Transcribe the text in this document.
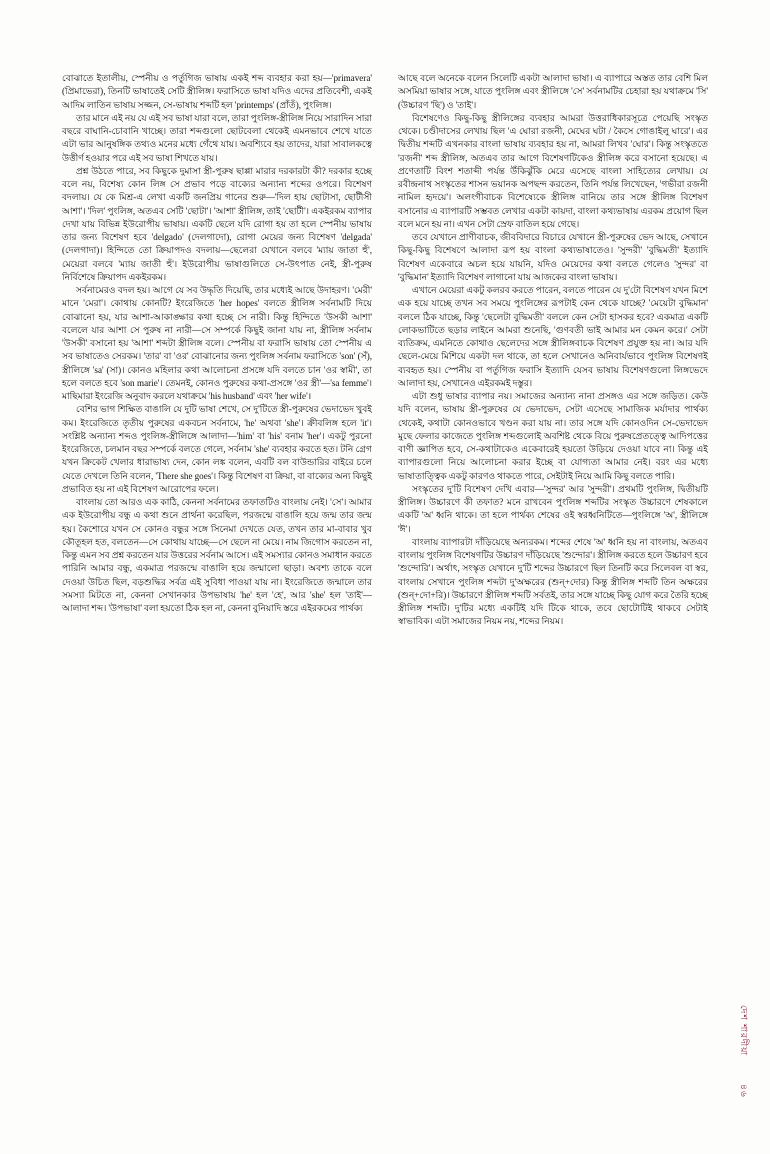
বোঝাতে ইতালীয়, স্পেনীয় ও পর্তুগিজ ভাষায় একই শব্দ ব্যবহার করা হয়—'primavera' (প্রিমাভেরা), তিনটি ভাষাতেই সেটি স্ত্রীলিঙ্গ। ফরাসিতে ভাষা যদিও এদের প্রতিবেশী, একই আদিম লাতিন ভাষায় সজ্জন, সে-ভাষায় শব্দটি হল 'printemps' (প্রাঁতঁ), পুংলিঙ্গ।

তার মানে এই নয় যে এই সব ভাষা যারা বলে, তারা পুংলিঙ্গ-স্ত্রীলিঙ্গ নিয়ে সারাদিন সারা বছরে বাঘানি-চোবানি খাচ্ছে। তারা শব্দগুলো ছোটবেলা থেকেই এমনভাবে শেখে যাতে এটা ভার আনুষঙ্গিক তথ্যও মনের মধ্যে গেঁথে যায়। অবশ্যিবে হয় তাদের, যারা সাবালকত্বে উত্তীর্ণ হওয়ার পরে এই সব ভাষা শিখতে যায়।

প্রশ্ন উঠতে পারে, সব কিছুকে দুমাসা স্ত্রী-পুরুষ ছাপ্পা মারার দরকারটা কী? দরকার হচ্ছে বলে নয়, বিশেষ্য কোন লিঙ্গ সে প্রভাব পড়ে বাক্যের অন্যান্য শব্দের ওপরে। বিশেষণ বদলায়। যে কে মিশ্র-এ লেখা একটি জনপ্রিয় গানের শুরু—'দিল হায় ছোটাসা, ছোটীসী আশা'। 'দিল' পুংলিঙ্গ, অতএব সেটি 'ছোটা'। 'আশা' স্ত্রীলিঙ্গ, তাই 'ছোটী'। একইরকম ব্যাপার দেখা যায় বিভিন্ন ইউরোপীয় ভাষায়। একটি ছেলে যদি রোগা হয় তা হলে স্পেনীয় ভাষায় তার জন্য বিশেষণ হবে 'delgado' (দেলগাদো), রোগা মেয়ের জন্য বিশেষণ 'delgada' (দেলগাদা)। হিন্দিতে তো ক্রিয়াপদও বদলায়—ছেলেরা যেখানে বলবে 'ম্যায় জাতা হুঁ', মেয়েরা বলবে 'ম্যায় জাতী হুঁ'। ইউরোপীয় ভাষাগুলিতে সে-উৎপাত নেই, স্ত্রী-পুরুষ নির্বিশেষে ক্রিয়াপদ একইরকম।

সর্বনামেরও বদল হয়। আগে যে সব উদ্ধৃতি দিয়েছি, তার মধ্যেই আছে উদাহরণ। 'মেরী' মানে 'মেরা'। কোথায় কোনটি? ইংরেজিতে 'her hopes' বলতে স্ত্রীলিঙ্গ সর্বনামটি দিয়ে বোঝানো হয়, যার আশা-আকাঙ্ক্ষার কথা হচ্ছে সে নারী। কিন্তু হিন্দিতে 'উসকী আশা' বলেলে যার আশা সে পুরুষ না নারী—সে সম্পর্কে কিছুই জানা যায় না, স্ত্রীলিঙ্গ সর্বনাম 'উসকী' বসানো হয় 'আশা' শব্দটা স্ত্রীলিঙ্গ বলে। স্পেনীয় বা ফরাসি ভাষায় তো স্পেনীয় এ সব ভাষাতেও সেরকম। 'তার' বা 'ওর' বোঝানোর জন্য পুংলিঙ্গ সর্বনাম ফরাসিতে 'son' (সঁ), স্ত্রীলিঙ্গে 'sa' (সা)। কোনও মহিলার কথা আলোচনা প্রসঙ্গে যদি বলতে চান 'ওর স্বামী', তা হলে বলতে হবে 'son marie'। তেমনই, কোনও পুরুষের কথা-প্রসঙ্গে 'ওর স্ত্রী'—'sa femme'। মাছিমারা ইংরেজি অনুবাদ করলে যথাক্রমে 'his husband' এবং 'her wife'।

বেশির ভাগ শিক্ষিত বাঙালি যে দুটি ভাষা শেখে, সে দু'টিতে স্ত্রী-পুরুষের ভেদাভেদ খুবই কম। ইংরেজিতে তৃতীয় পুরুষের একবচন সর্বনামে, 'he' অথবা 'she'। ক্রীবলিঙ্গ হলে 'it'। সংশ্লিষ্ট অন্যান্য শব্দও পুংলিঙ্গ-স্ত্রীলিঙ্গে আলাদা—'him' বা 'his' বনাম 'her'। একটু পুরনো ইংরেজিতে, চলমান বছর সম্পর্কে বলতে গেলে, সর্বনাম 'she' ব্যবহার করতে হত। টনি গ্রেগ যখন ক্রিকেট খেলার ধারাভাষ্য দেন, কোন লঙ্ক বলেন, এবটি বল বাউন্ডারির বাইরে চলে যেতে দেখলে তিনি বলেন, 'There she goes'। কিন্তু বিশেষণ বা ক্রিয়া, বা বাক্যের অন্য কিছুই প্রভাবিত হয় না এই বিশেষণ আরোপের ফলে।

বাংলায় তো আরও এক কাঠি, কেননা সর্বনামের তফাতটিও বাংলায় নেই। 'সে'। আমার এক ইউরোপীয় বন্ধু এ কথা শুনে প্রার্থনা করেছিল, পরজন্মে বাঙালি হয়ে জন্ম তার জন্ম হয়। কৈশোরে যখন সে কোনও বন্ধুর সঙ্গে সিনেমা দেখতে যেত, তখন তার মা-বাবার খুব কৌতূহল হত, বলতেন—সে কোথায় যাচ্ছে—সে ছেলে না মেয়ে। নাম জিগোস করতেন না, কিন্তু এমন সব প্রশ্ন করতেন যার উত্তরের সর্বনাম আসে। এই সমস্যার কোনও সমাধান করতে পারিনি আমার বন্ধু, একমাত্র পরজন্মে বাঙালি হয়ে জন্মালো ছাড়া। অবশ্য তাকে বলে দেওয়া উচিত ছিল, বড়শুদ্ধির সর্বত্র এই সুবিধা পাওয়া যায় না। ইংরেজিতে জন্মালে তার সমস্যা মিটতে না, কেননা সেখানকার উপভাষায় 'he' হল 'হে', আর 'she' হল 'তাই'—আলাদা শব্দ। 'উপভাষা' বলা হয়তো ঠিক হল না, কেননা বুনিয়াদি স্তরে এইরকমের পার্থক্য

আছে বলে অনেকে বলেন সিলেটি একটা আলাদা ভাষা। এ ব্যাপারে অস্তত তার বেশি মিল অসমিয়া ভাষার সঙ্গে, যাতে পুংলিঙ্গ এবং স্ত্রীলিঙ্গে 'সে' সর্বনামটির চেহারা হয় যথাক্রমে 'সি' (উচ্চারণ 'ছি') ও 'তাই'।

বিশেষণেও কিছু-কিছু স্ত্রীলিঙ্গের ব্যবহার আমরা উত্তরাধিকারসূত্রে পেয়েছি সংস্কৃত থেকে। চণ্ডীদাসের লেখায় ছিল 'এ ঘোরা রজনী, মেঘের ঘটা / কৈসে গোঙাইলু ঘারে'। এর দ্বিতীয় শব্দটি এখনকার বাংলা ভাষায় ব্যবহার হয় না, আমরা লিখব 'ঘোর'। কিন্তু সংস্কৃততে 'রজনী' শব্দ স্ত্রীলিঙ্গ, অতএব তার আগে বিশেষণটিকেও স্ত্রীলিঙ্গ করে বসানো হয়েছে। এ প্রণেতাটি বিংশ শতাব্দী পর্যন্ত উঁকিঝুঁকি মেরে এসেছে বাংলা সাহিত্যের লেখায়। যে রবীন্দ্রনাথ সংস্কৃতের শাসন ভয়ানক অপছন্দ করতেন, তিনি পর্যন্ত লিখেছেন, 'গভীরা রজনী নামিল হৃদয়ে'। অলংগীবাচক বিশেষ্যেকে স্ত্রীলিঙ্গ বানিয়ে তার সঙ্গে স্ত্রীলিঙ্গ বিশেষণ বসানোর এ ব্যাপারটি সম্ভবত লেখার একটা কায়দা, বাংলা কথ্যভাষায় এরকম প্রয়োগ ছিল বলে মনে হয় না। এখন সেটা স্রেফ বাতিল হয়ে গেছে।

তবে যেখানে প্রাণীবাচক, জীববিদারে বিচারে যেখানে স্ত্রী-পুরুষের ভেদ আছে, সেখানে কিছু-কিছু বিশেষণে আলাদা রূপ হয় বাংলা কথ্যভাষাতেও। 'সুন্দরী' 'বুদ্ধিমতী' ইত্যাদি বিশেষণ একেবারে অচল হয়ে যায়নি, যদিও মেয়েদের কথা বলতে গেলেও 'সুন্দর' বা 'বুদ্ধিমান' ইত্যাদি বিশেষণ লাগানো যায় আজকের বাংলা ভাষায়।

এখানে মেয়েরা একটু কলরব করতে পারেন, বলতে পারেন যে দু'টো বিশেষণ যখন মিশে এক হয়ে যাচ্ছে তখন সব সময়ে পুংলিঙ্গের রূপটাই কেন থেকে যাচ্ছে? 'মেয়েটা বুদ্ধিমান' বললে ঠিক যাচ্ছে, কিন্তু 'ছেলেটা বুদ্ধিমতী' বললে কেন সেটা হাসকর হবে? একমাত্র একটি লোকভাটিতে ছড়ার লাইনে আমরা শুনেছি, 'গুণবতী ভাই আমার মন কেমন করে।' সেটা ব্যতিক্রম, এমনিতে কোথাও ছেলেদের সঙ্গে স্ত্রীলিঙ্গবাচক বিশেষণ প্রযুক্ত হয় না। আর যদি ছেলে-মেয়ে মিশিয়ে একটা দল থাকে, তা হলে সেখানেও অনিবার্যভাবে পুংলিঙ্গ বিশেষণই ব্যবহৃত হয়। স্পেনীয় বা পর্তুগিজ ফরাসি ইত্যাদি যেসব ভাষায় বিশেষণগুলো লিঙ্গভেদে আলাদা হয়, সেখানেও এইরকমই দস্তুর।

এটা শুধু ভাষার ব্যাপার নয়। সমাজের অন্যান্য নানা প্রসঙ্গও এর সঙ্গে জড়িত। কেউ যদি বলেন, ভাষায় স্ত্রী-পুরুষের যে ভেদাভেদ, সেটা এসেছে সামাজিক মর্যাদার পার্থক্য থেকেই, কথাটা কোনওভাবে খণ্ডন করা যায় না। তার সঙ্গে যদি কোনওদিন সে-ভেদাভেদ মুছে ফেলার কাজেতে পুংলিঙ্গ শব্দগুলোই অবশিষ্ট থেকে বিয়ে পুরুষপ্রেতত্ত্বে আদিপত্তের বাণী জ্ঞাপিত হবে, সে-কথাটাকেও একেবারেই হয়তো উড়িয়ে দেওয়া যাবে না। কিন্তু এই ব্যাপারগুলো নিয়ে আলোচনা করার ইচ্ছে বা যোগ্যতা আমার নেই। বরং এর মধ্যে ভাষাতাত্ত্বিক একটু কারণও থাকতে পারে, সেইটাই নিয়ে আমি কিছু বলতে পারি।

সংস্কৃতের দু'টি বিশেষণ দেখি এবার—'সুন্দর' আর 'সুন্দরী'। প্রথমটি পুংলিঙ্গ, দ্বিতীয়টি স্ত্রীলিঙ্গ। উচ্চারণে কী তফাত? মনে রাখবেন পুংলিঙ্গ শব্দটির সংস্কৃত উচ্চারণে শেষকালে একটি 'অ' ধ্বনি থাকে। তা হলে পার্থক্য শেষের ওই স্বরধ্বনিটিতে—পুংলিঙ্গে 'অ', স্ত্রীলিঙ্গে 'ঈ'।

বাংলায় ব্যাপারটা দাঁড়িয়েছে অন্যরকম। শব্দের শেষে 'অ' ধ্বনি হয় না বাংলায়, অতএব বাংলায় পুংলিঙ্গ বিশেষণটির উচ্চারণ দাঁড়িয়েছে 'শুন্দোর'। স্ত্রীলিঙ্গ করতে হলে উচ্চারণ হবে 'শুন্দোরি'। অর্থাৎ, সংস্কৃত যেখানে দু'টি শব্দের উচ্চারণে ছিল তিনটি করে সিলেবল বা স্বর, বাংলায় সেখানে পুংলিঙ্গ শব্দটা দু'অক্ষরের (শুন্+দোর) কিন্তু স্ত্রীলিঙ্গ শব্দটি তিন অক্ষরের (শুন্+দো+রি)। উচ্চারণে স্ত্রীলিঙ্গ শব্দটি সর্বতই, তার সঙ্গে যাচ্ছে কিছু যোগ করে তৈরি হচ্ছে স্ত্রীলিঙ্গ শব্দটি। দু'টির মধ্যে একটিই যদি টিকে থাকে, তবে ছোটোটিই থাকবে সেটাই স্বাভাবিক। এটা সমাজের নিয়ম নয়, শব্দের নিয়ম।

দেশ শারদীয়া
৪৬
